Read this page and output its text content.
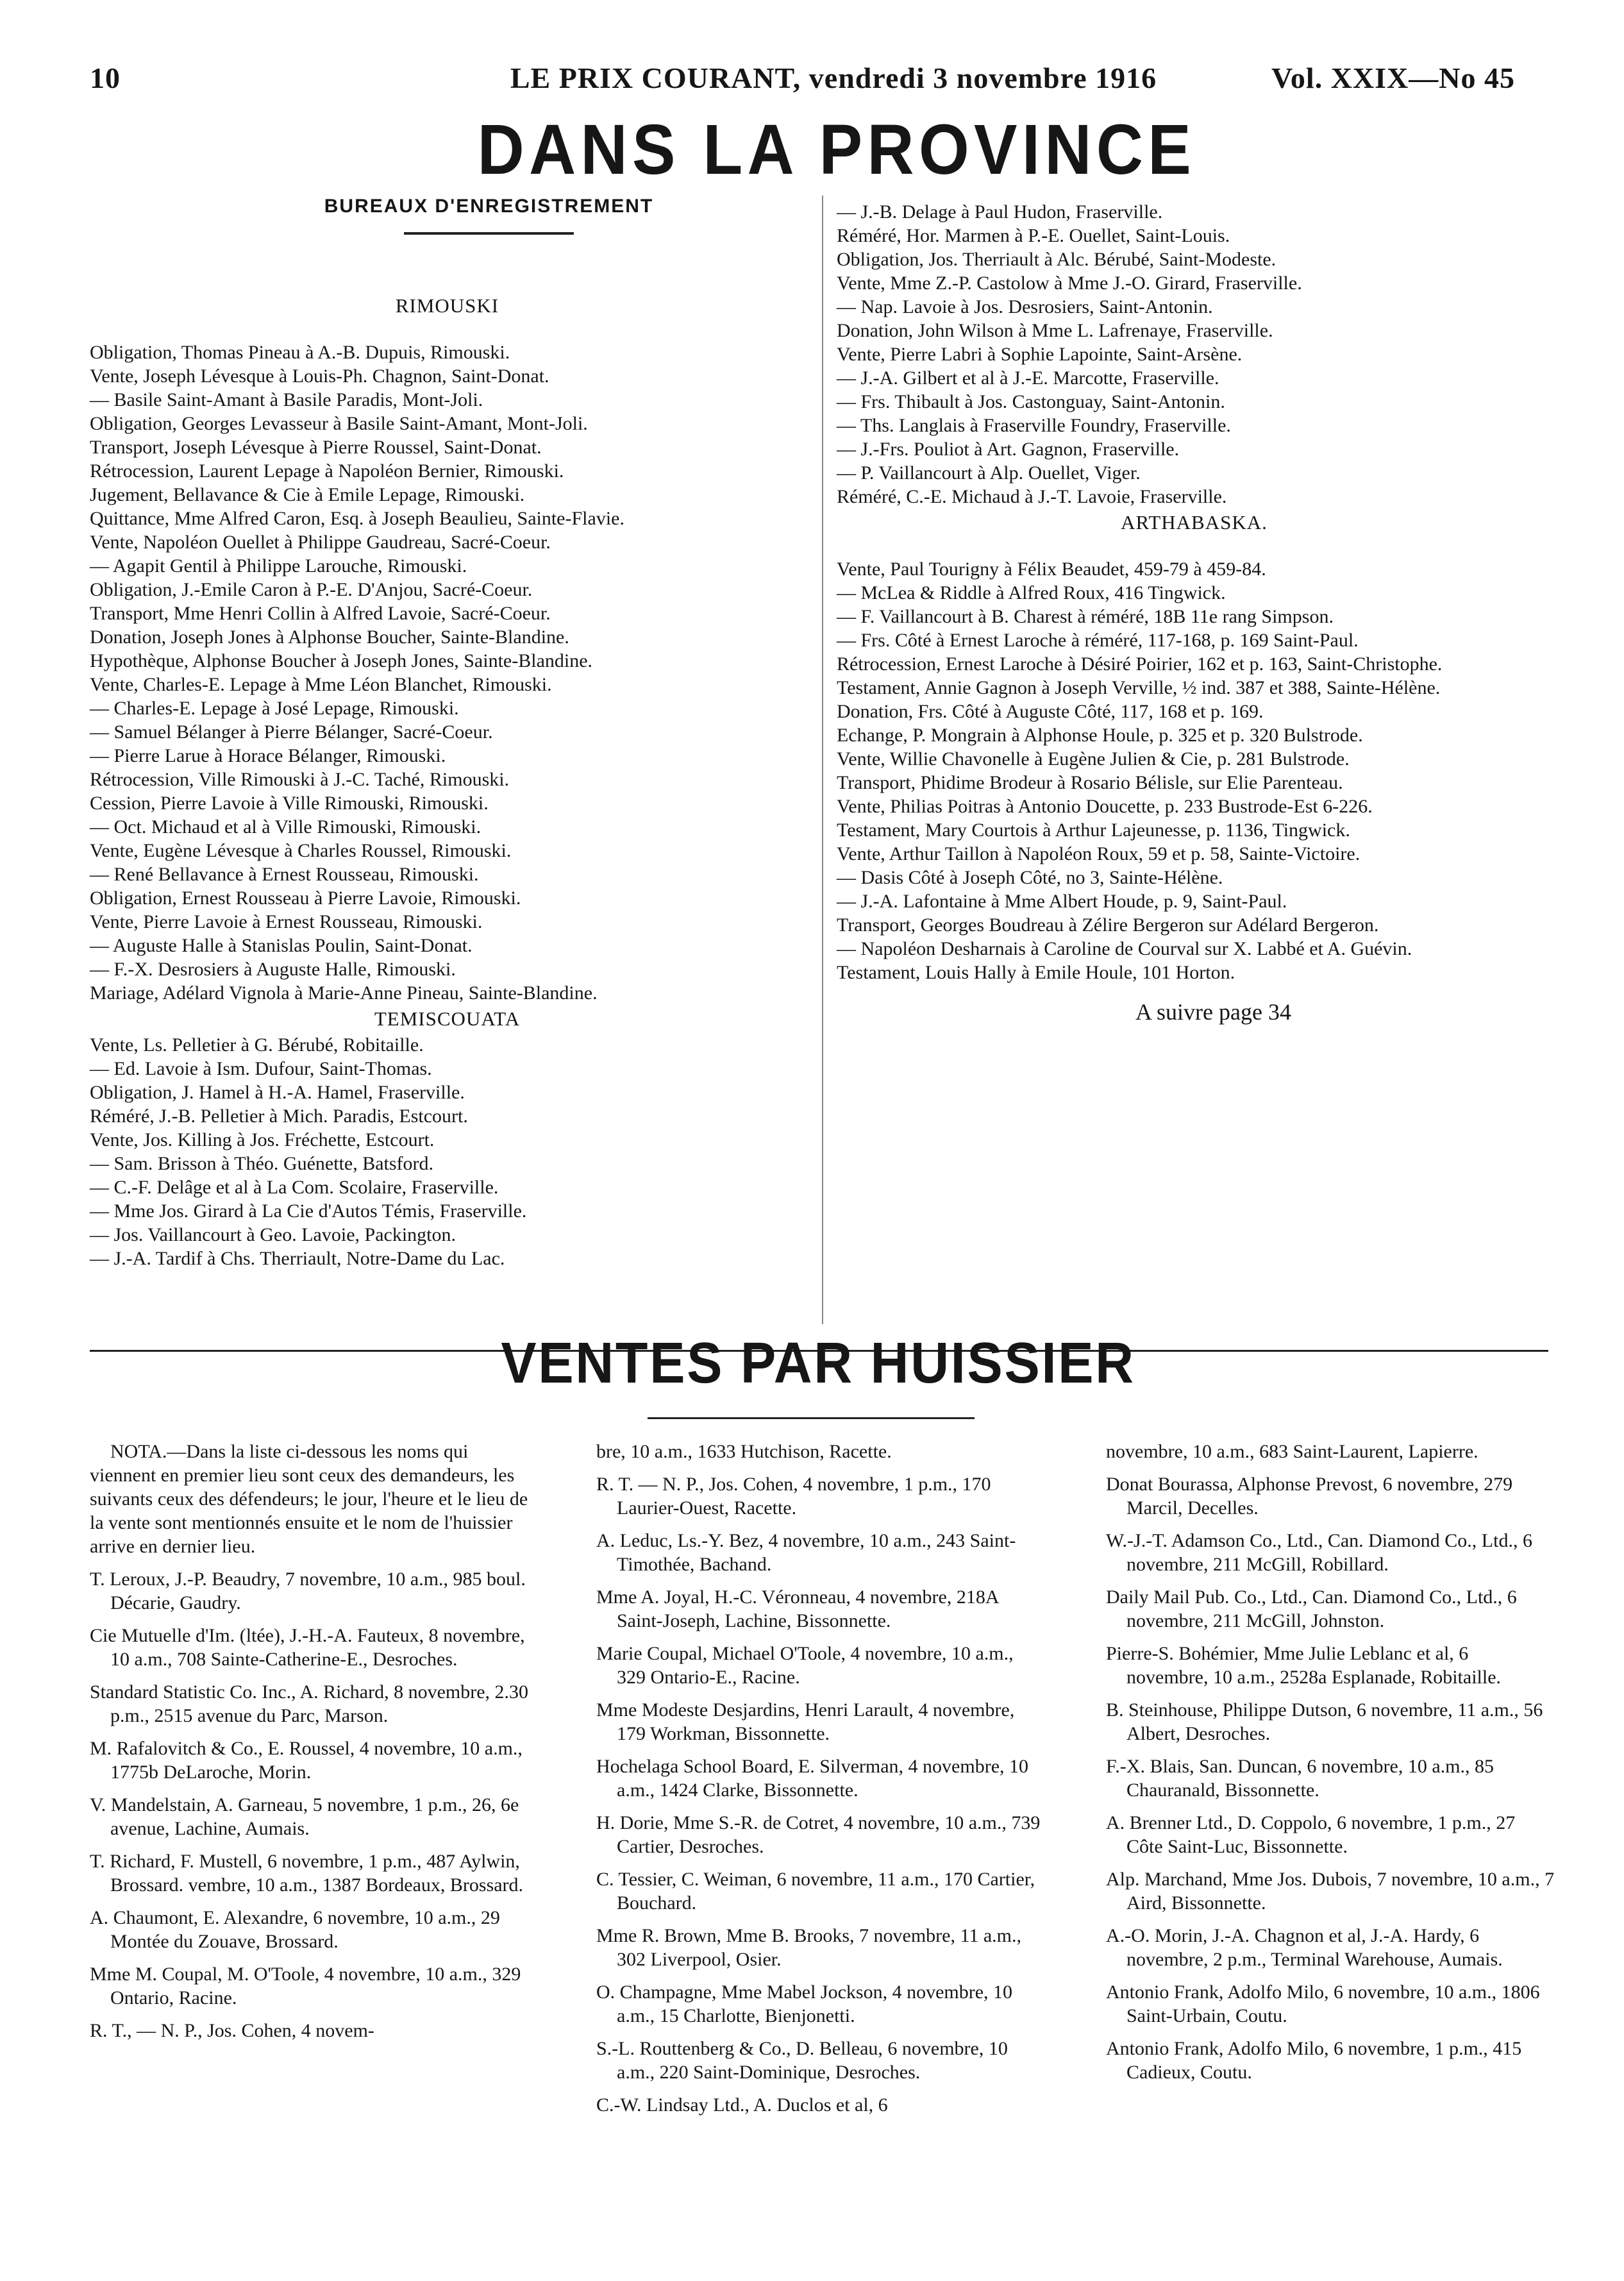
10	LE PRIX COURANT, vendredi 3 novembre 1916	Vol. XXIX—No 45
DANS LA PROVINCE
BUREAUX D'ENREGISTREMENT

RIMOUSKI

Obligation, Thomas Pineau à A.-B. Dupuis, Rimouski.

Vente, Joseph Lévesque à Louis-Ph. Chagnon, Saint-Donat.

— Basile Saint-Amant à Basile Paradis, Mont-Joli.

Obligation, Georges Levasseur à Basile Saint-Amant, Mont-Joli.

Transport, Joseph Lévesque à Pierre Roussel, Saint-Donat.

Rétrocession, Laurent Lepage à Napoléon Bernier, Rimouski.

Jugement, Bellavance & Cie à Emile Lepage, Rimouski.

Quittance, Mme Alfred Caron, Esq. à Joseph Beaulieu, Sainte-Flavie.

Vente, Napoléon Ouellet à Philippe Gaudreau, Sacré-Coeur.

— Agapit Gentil à Philippe Larouche, Rimouski.

Obligation, J.-Emile Caron à P.-E. D'Anjou, Sacré-Coeur.

Transport, Mme Henri Collin à Alfred Lavoie, Sacré-Coeur.

Donation, Joseph Jones à Alphonse Boucher, Sainte-Blandine.

Hypothèque, Alphonse Boucher à Joseph Jones, Sainte-Blandine.

Vente, Charles-E. Lepage à Mme Léon Blanchet, Rimouski.

— Charles-E. Lepage à José Lepage, Rimouski.

— Samuel Bélanger à Pierre Bélanger, Sacré-Coeur.

— Pierre Larue à Horace Bélanger, Rimouski.

Rétrocession, Ville Rimouski à J.-C. Taché, Rimouski.

Cession, Pierre Lavoie à Ville Rimouski, Rimouski.

— Oct. Michaud et al à Ville Rimouski, Rimouski.

Vente, Eugène Lévesque à Charles Roussel, Rimouski.

— René Bellavance à Ernest Rousseau, Rimouski.

Obligation, Ernest Rousseau à Pierre Lavoie, Rimouski.

Vente, Pierre Lavoie à Ernest Rousseau, Rimouski.

— Auguste Halle à Stanislas Poulin, Saint-Donat.

— F.-X. Desrosiers à Auguste Halle, Rimouski.

Mariage, Adélard Vignola à Marie-Anne Pineau, Sainte-Blandine.

TEMISCOUATA

Vente, Ls. Pelletier à G. Bérubé, Robitaille.

— Ed. Lavoie à Ism. Dufour, Saint-Thomas.

Obligation, J. Hamel à H.-A. Hamel, Fraserville.

Réméré, J.-B. Pelletier à Mich. Paradis, Estcourt.

Vente, Jos. Killing à Jos. Fréchette, Estcourt.

— Sam. Brisson à Théo. Guénette, Batsford.

— C.-F. Delâge et al à La Com. Scolaire, Fraserville.

— Mme Jos. Girard à La Cie d'Autos Témis, Fraserville.

— Jos. Vaillancourt à Geo. Lavoie, Packington.

— J.-A. Tardif à Chs. Therriault, Notre-Dame du Lac.

— J.-B. Delage à Paul Hudon, Fraserville.

Réméré, Hor. Marmen à P.-E. Ouellet, Saint-Louis.

Obligation, Jos. Therriault à Alc. Bérubé, Saint-Modeste.

Vente, Mme Z.-P. Castolow à Mme J.-O. Girard, Fraserville.

— Nap. Lavoie à Jos. Desrosiers, Saint-Antonin.

Donation, John Wilson à Mme L. Lafrenaye, Fraserville.

Vente, Pierre Labri à Sophie Lapointe, Saint-Arsène.

— J.-A. Gilbert et al à J.-E. Marcotte, Fraserville.

— Frs. Thibault à Jos. Castonguay, Saint-Antonin.

— Ths. Langlais à Fraserville Foundry, Fraserville.

— J.-Frs. Pouliot à Art. Gagnon, Fraserville.

— P. Vaillancourt à Alp. Ouellet, Viger.

Réméré, C.-E. Michaud à J.-T. Lavoie, Fraserville.

ARTHABASKA.

Vente, Paul Tourigny à Félix Beaudet, 459-79 à 459-84.

— McLea & Riddle à Alfred Roux, 416 Tingwick.

— F. Vaillancourt à B. Charest à réméré, 18B 11e rang Simpson.

— Frs. Côté à Ernest Laroche à réméré, 117-168, p. 169 Saint-Paul.

Rétrocession, Ernest Laroche à Désiré Poirier, 162 et p. 163, Saint-Christophe.

Testament, Annie Gagnon à Joseph Verville, ½ ind. 387 et 388, Sainte-Hélène.

Donation, Frs. Côté à Auguste Côté, 117, 168 et p. 169.

Echange, P. Mongrain à Alphonse Houle, p. 325 et p. 320 Bulstrode.

Vente, Willie Chavonelle à Eugène Julien & Cie, p. 281 Bulstrode.

Transport, Phidime Brodeur à Rosario Bélisle, sur Elie Parenteau.

Vente, Philias Poitras à Antonio Doucette, p. 233 Bustrode-Est 6-226.

Testament, Mary Courtois à Arthur Lajeunesse, p. 1136, Tingwick.

Vente, Arthur Taillon à Napoléon Roux, 59 et p. 58, Sainte-Victoire.

— Dasis Côté à Joseph Côté, no 3, Sainte-Hélène.

— J.-A. Lafontaine à Mme Albert Houde, p. 9, Saint-Paul.

Transport, Georges Boudreau à Zélire Bergeron sur Adélard Bergeron.

— Napoléon Desharnais à Caroline de Courval sur X. Labbé et A. Guévin.

Testament, Louis Hally à Emile Houle, 101 Horton.

A suivre page 34
VENTES PAR HUISSIER

NOTA.—Dans la liste ci-dessous les noms qui viennent en premier lieu sont ceux des demandeurs, les suivants ceux des défendeurs; le jour, l'heure et le lieu de la vente sont mentionnés ensuite et le nom de l'huissier arrive en dernier lieu.

T. Leroux, J.-P. Beaudry, 7 novembre, 10 a.m., 985 boul. Décarie, Gaudry.

Cie Mutuelle d'Im. (ltée), J.-H.-A. Fauteux, 8 novembre, 10 a.m., 708 Sainte-Catherine-E., Desroches.

Standard Statistic Co. Inc., A. Richard, 8 novembre, 2.30 p.m., 2515 avenue du Parc, Marson.

M. Rafalovitch & Co., E. Roussel, 4 novembre, 10 a.m., 1775b DeLaroche, Morin.

V. Mandelstain, A. Garneau, 5 novembre, 1 p.m., 26, 6e avenue, Lachine, Aumais.

T. Richard, F. Mustell, 6 novembre, 1 p.m., 487 Aylwin, Brossard. vembre, 10 a.m., 1387 Bordeaux, Brossard.

A. Chaumont, E. Alexandre, 6 novembre, 10 a.m., 29 Montée du Zouave, Brossard.

Mme M. Coupal, M. O'Toole, 4 novembre, 10 a.m., 329 Ontario, Racine.

R. T., — N. P., Jos. Cohen, 4 novem-

bre, 10 a.m., 1633 Hutchison, Racette.

R. T. — N. P., Jos. Cohen, 4 novembre, 1 p.m., 170 Laurier-Ouest, Racette.

A. Leduc, Ls.-Y. Bez, 4 novembre, 10 a.m., 243 Saint-Timothée, Bachand.

Mme A. Joyal, H.-C. Véronneau, 4 novembre, 218A Saint-Joseph, Lachine, Bissonnette.

Marie Coupal, Michael O'Toole, 4 novembre, 10 a.m., 329 Ontario-E., Racine.

Mme Modeste Desjardins, Henri Larault, 4 novembre, 179 Workman, Bissonnette.

Hochelaga School Board, E. Silverman, 4 novembre, 10 a.m., 1424 Clarke, Bissonnette.

H. Dorie, Mme S.-R. de Cotret, 4 novembre, 10 a.m., 739 Cartier, Desroches.

C. Tessier, C. Weiman, 6 novembre, 11 a.m., 170 Cartier, Bouchard.

Mme R. Brown, Mme B. Brooks, 7 novembre, 11 a.m., 302 Liverpool, Osier.

O. Champagne, Mme Mabel Jockson, 4 novembre, 10 a.m., 15 Charlotte, Bienjonetti.

S.-L. Routtenberg & Co., D. Belleau, 6 novembre, 10 a.m., 220 Saint-Dominique, Desroches.

C.-W. Lindsay Ltd., A. Duclos et al, 6

novembre, 10 a.m., 683 Saint-Laurent, Lapierre.

Donat Bourassa, Alphonse Prevost, 6 novembre, 279 Marcil, Decelles.

W.-J.-T. Adamson Co., Ltd., Can. Diamond Co., Ltd., 6 novembre, 211 McGill, Robillard.

Daily Mail Pub. Co., Ltd., Can. Diamond Co., Ltd., 6 novembre, 211 McGill, Johnston.

Pierre-S. Bohémier, Mme Julie Leblanc et al, 6 novembre, 10 a.m., 2528a Esplanade, Robitaille.

B. Steinhouse, Philippe Dutson, 6 novembre, 11 a.m., 56 Albert, Desroches.

F.-X. Blais, San. Duncan, 6 novembre, 10 a.m., 85 Chauranald, Bissonnette.

A. Brenner Ltd., D. Coppolo, 6 novembre, 1 p.m., 27 Côte Saint-Luc, Bissonnette.

Alp. Marchand, Mme Jos. Dubois, 7 novembre, 10 a.m., 7 Aird, Bissonnette.

A.-O. Morin, J.-A. Chagnon et al, J.-A. Hardy, 6 novembre, 2 p.m., Terminal Warehouse, Aumais.

Antonio Frank, Adolfo Milo, 6 novembre, 10 a.m., 1806 Saint-Urbain, Coutu.

Antonio Frank, Adolfo Milo, 6 novembre, 1 p.m., 415 Cadieux, Coutu.
